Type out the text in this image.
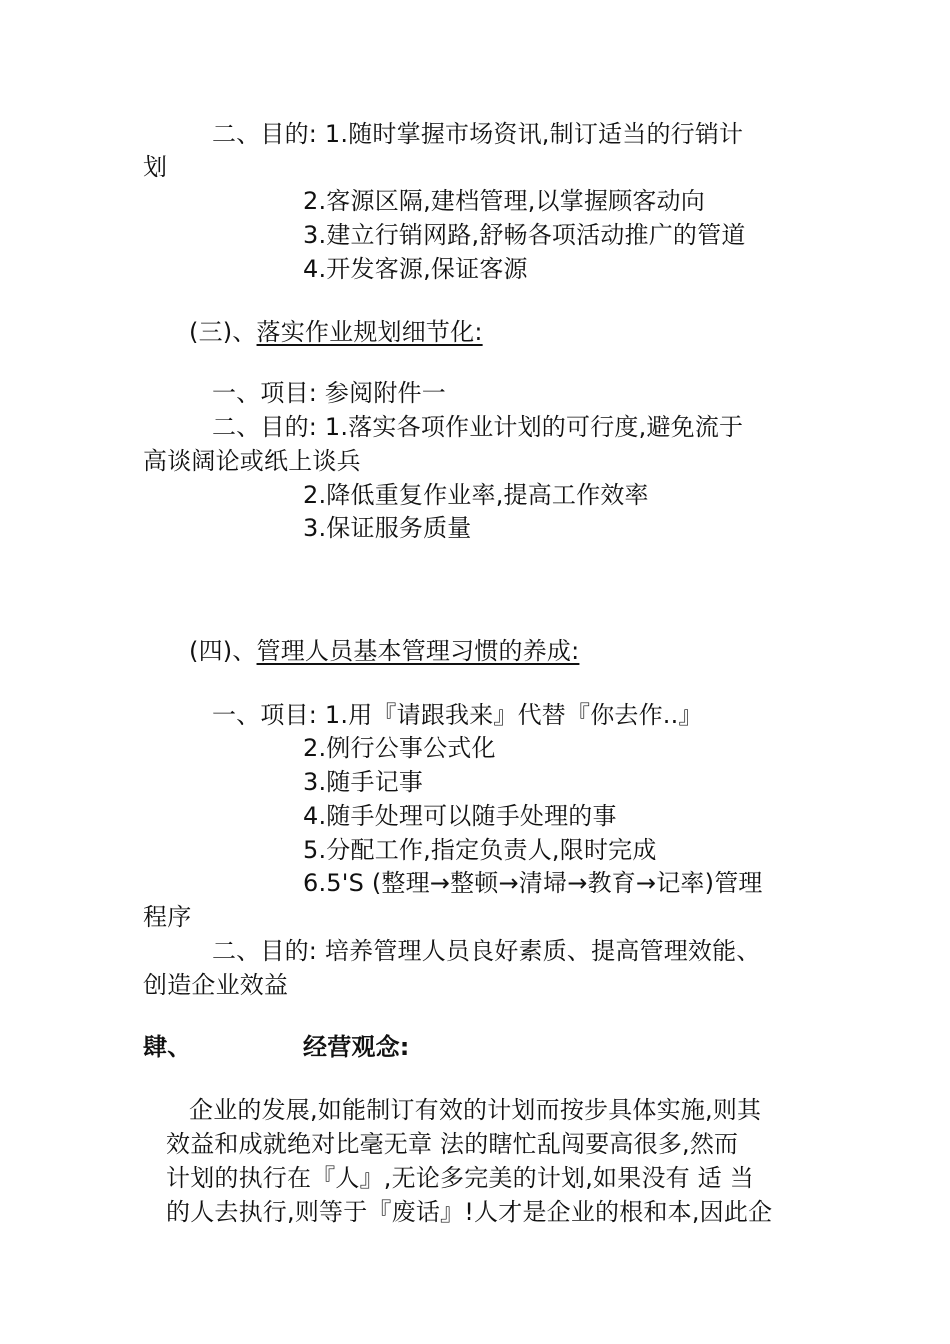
二、目的: 1.随时掌握市场资讯,制订适当的行销计
划
2.客源区隔,建档管理,以掌握顾客动向
3.建立行销网路,舒畅各项活动推广的管道
4.开发客源,保证客源
(三)、落实作业规划细节化:
一、项目: 参阅附件一
二、目的: 1.落实各项作业计划的可行度,避免流于
高谈阔论或纸上谈兵
2.降低重复作业率,提高工作效率
3.保证服务质量
(四)、管理人员基本管理习惯的养成:
一、项目: 1.用『请跟我来』代替『你去作..』
2.例行公事公式化
3.随手记事
4.随手处理可以随手处理的事
5.分配工作,指定负责人,限时完成
6.5'S (整理→整顿→清埽→教育→记率)管理
程序
二、目的: 培养管理人员良好素质、提高管理效能、
创造企业效益
肆、	经营观念:
企业的发展,如能制订有效的计划而按步具体实施,则其
效益和成就绝对比毫无章 法的瞎忙乱闯要高很多,然而
计划的执行在『人』,无论多完美的计划,如果没有 适 当
的人去执行,则等于『废话』!人才是企业的根和本,因此企
